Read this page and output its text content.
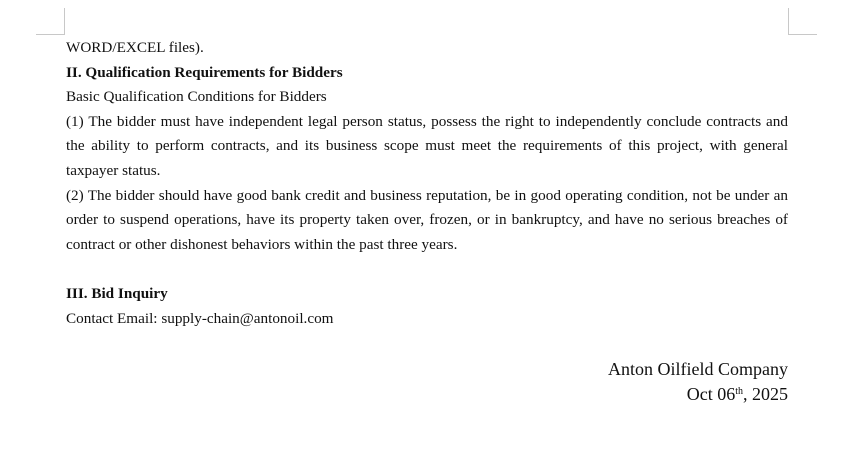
WORD/EXCEL files).

II. Qualification Requirements for Bidders

Basic Qualification Conditions for Bidders

(1) The bidder must have independent legal person status, possess the right to independently conclude contracts and the ability to perform contracts, and its business scope must meet the requirements of this project, with general taxpayer status.

(2) The bidder should have good bank credit and business reputation, be in good operating condition, not be under an order to suspend operations, have its property taken over, frozen, or in bankruptcy, and have no serious breaches of contract or other dishonest behaviors within the past three years.

III. Bid Inquiry

Contact Email: supply-chain@antonoil.com

Anton Oilfield Company
Oct 06th, 2025
